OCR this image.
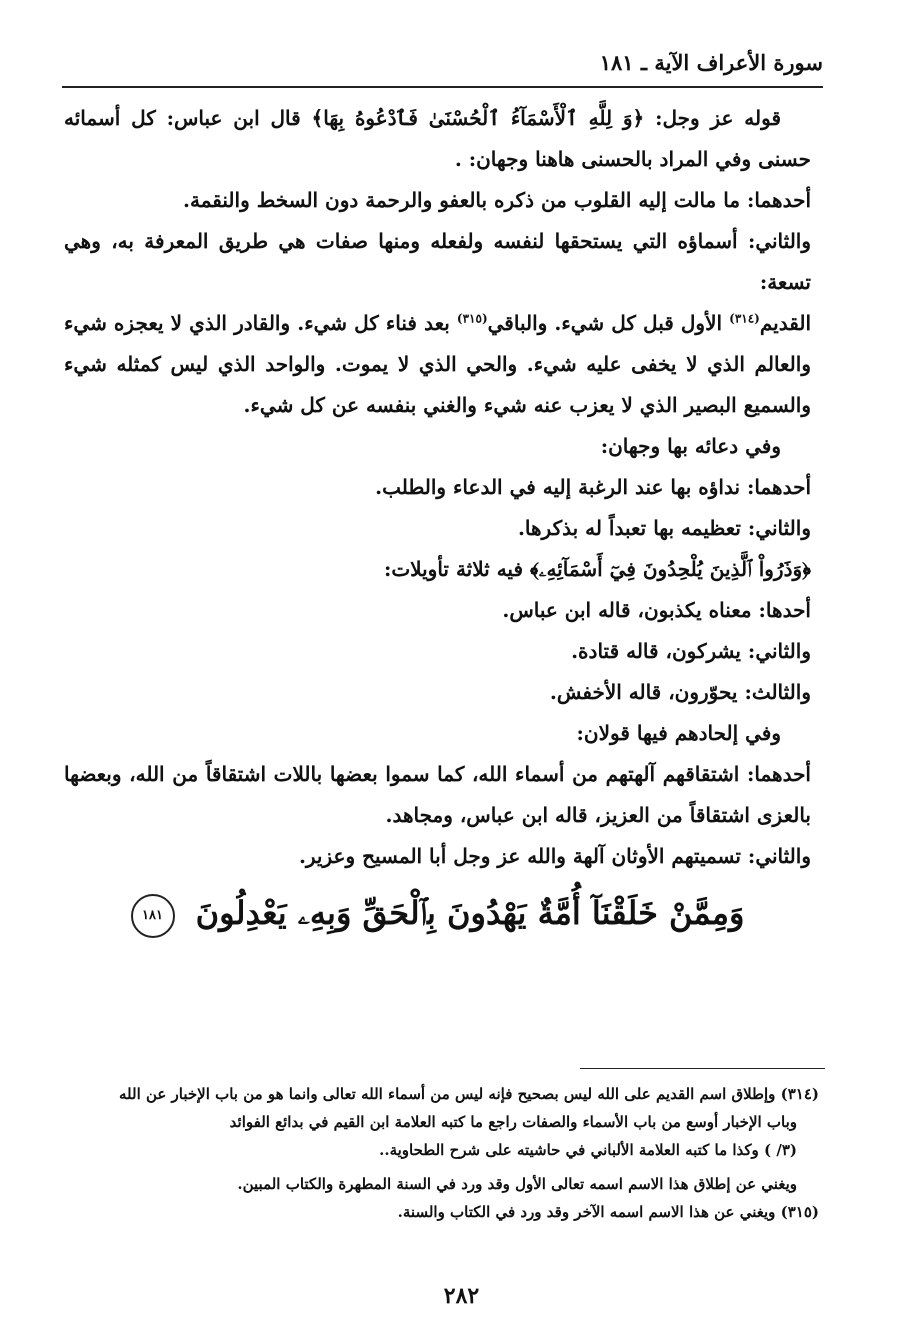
سورة الأعراف الآية ـ ١٨١

قوله عز وجل: ﴿وَ لِلَّهِ ٱلْأَسْمَآءُ ٱلْحُسْنَىٰ فَٱدْعُوهُ بِهَا﴾ قال ابن عباس: كل أسمائه حسنى وفي المراد بالحسنى هاهنا وجهان: .

أحدهما: ما مالت إليه القلوب من ذكره بالعفو والرحمة دون السخط والنقمة.

والثاني: أسماؤه التي يستحقها لنفسه ولفعله ومنها صفات هي طريق المعرفة به، وهي تسعة:

القديم$^{(٣١٤)}$ الأول قبل كل شيء. والباقي$^{(٣١٥)}$ بعد فناء كل شيء. والقادر الذي لا يعجزه شيء والعالم الذي لا يخفى عليه شيء. والحي الذي لا يموت. والواحد الذي ليس كمثله شيء والسميع البصير الذي لا يعزب عنه شيء والغني بنفسه عن كل شيء.

وفي دعائه بها وجهان:

أحدهما: نداؤه بها عند الرغبة إليه في الدعاء والطلب.

والثاني: تعظيمه بها تعبداً له بذكرها.

﴿وَذَرُواْ ٱلَّذِينَ يُلْحِدُونَ فِيٓ أَسْمَآئِهِۦ﴾ فيه ثلاثة تأويلات:

أحدها: معناه يكذبون، قاله ابن عباس.

والثاني: يشركون، قاله قتادة.

والثالث: يحوّرون، قاله الأخفش.

وفي إلحادهم فيها قولان:

أحدهما: اشتقاقهم آلهتهم من أسماء الله، كما سموا بعضها باللات اشتقاقاً من الله، وبعضها بالعزى اشتقاقاً من العزيز، قاله ابن عباس، ومجاهد.

والثاني: تسميتهم الأوثان آلهة والله عز وجل أبا المسيح وعزير.

وَمِمَّنْ خَلَقْنَآ أُمَّةٌ يَهْدُونَ بِٱلْحَقِّ وَبِهِۦ يَعْدِلُونَ ١٨١

(٣١٤) وإطلاق اسم القديم على الله ليس بصحيح فإنه ليس من أسماء الله تعالى وانما هو من باب الإخبار عن الله

وباب الإخبار أوسع من باب الأسماء والصفات راجع ما كتبه العلامة ابن القيم في بدائع الفوائد

(٣/ ) وكذا ما كتبه العلامة الألباني في حاشيته على شرح الطحاوية..

ويغني عن إطلاق هذا الاسم اسمه تعالى الأول وقد ورد في السنة المطهرة والكتاب المبين.

(٣١٥) ويغني عن هذا الاسم اسمه الآخر وقد ورد في الكتاب والسنة.

٢٨٢
